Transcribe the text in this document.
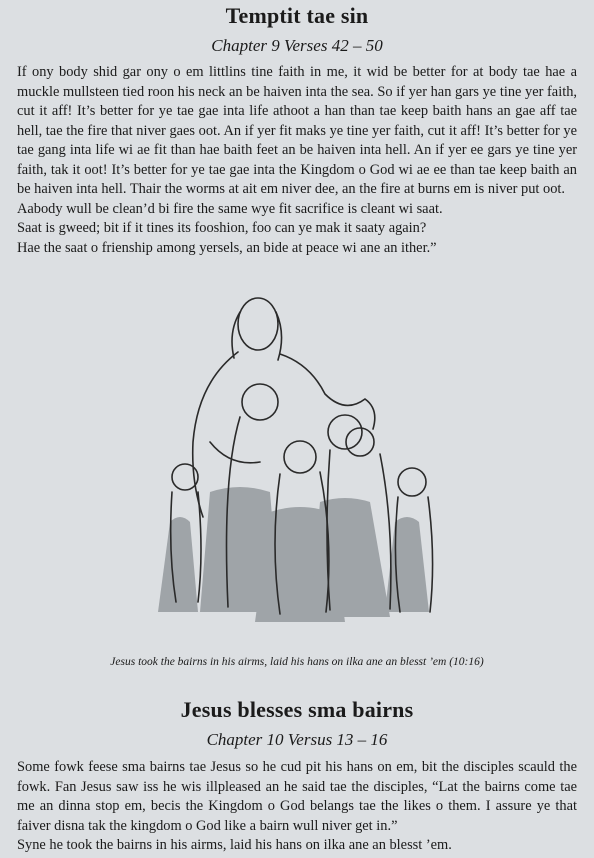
Temptit tae sin
Chapter 9 Verses 42 – 50

If ony body shid gar ony o em littlins tine faith in me, it wid be better for at body tae hae a muckle mullsteen tied roon his neck an be haiven inta the sea. So if yer han gars ye tine yer faith, cut it aff! It’s better for ye tae gae inta life athoot a han than tae keep baith hans an gae aff tae hell, tae the fire that niver gaes oot. An if yer fit maks ye tine yer faith, cut it aff! It’s better for ye tae gang inta life wi ae fit than hae baith feet an be haiven inta hell. An if yer ee gars ye tine yer faith, tak it oot! It’s better for ye tae gae inta the Kingdom o God wi ae ee than tae keep baith an be haiven inta hell. Thair the worms at ait em niver dee, an the fire at burns em is niver put oot.

Aabody wull be clean’d bi fire the same wye fit sacrifice is cleant wi saat.

Saat is gweed; bit if it tines its fooshion, foo can ye mak it saaty again?

Hae the saat o frienship among yersels, an bide at peace wi ane an ither.”

Jesus took the bairns in his airms, laid his hans on ilka ane an blesst ’em (10:16)
Jesus blesses sma bairns
Chapter 10 Versus 13 – 16

Some fowk feese sma bairns tae Jesus so he cud pit his hans on em, bit the disciples scauld the fowk. Fan Jesus saw iss he wis illpleased an he said tae the disciples, “Lat the bairns come tae me an dinna stop em, becis the Kingdom o God belangs tae the likes o them. I assure ye that faiver disna tak the kingdom o God like a bairn wull niver get in.”

Syne he took the bairns in his airms, laid his hans on ilka ane an blesst ’em.
